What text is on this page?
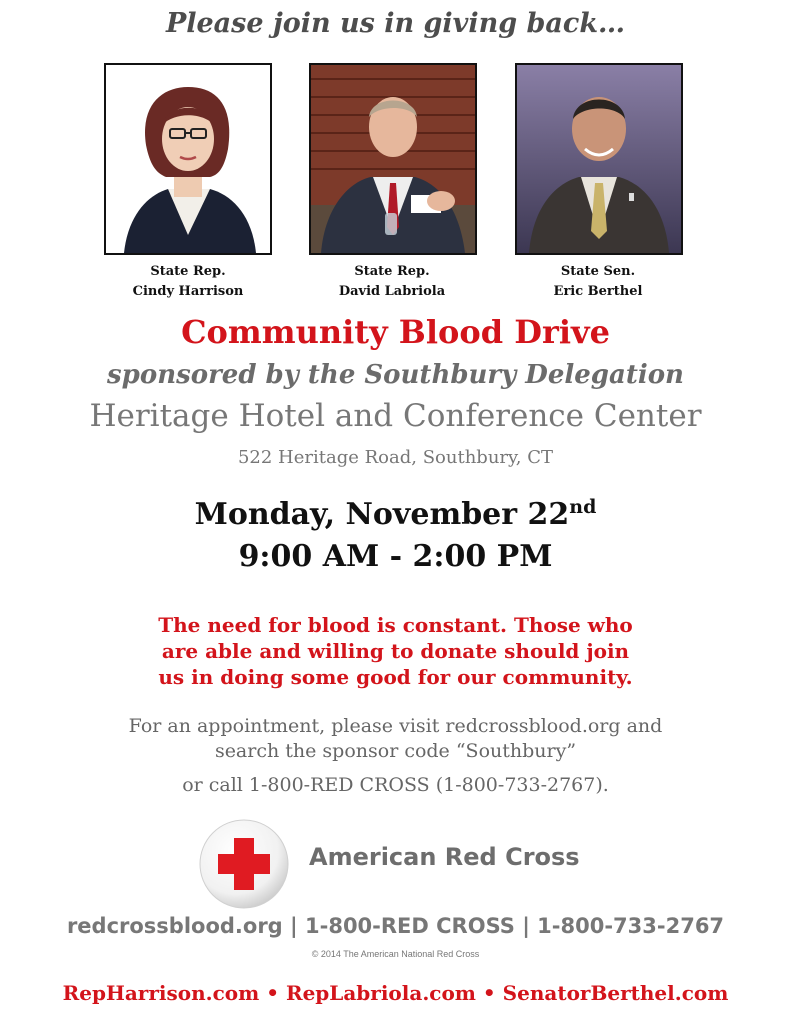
Please join us in giving back…
State Rep.
Cindy Harrison
State Rep.
David Labriola
State Sen.
Eric Berthel
Community Blood Drive
sponsored by the Southbury Delegation
Heritage Hotel and Conference Center
522 Heritage Road, Southbury, CT
Monday, November 22nd
9:00 AM - 2:00 PM
The need for blood is constant. Those who
are able and willing to donate should join
us in doing some good for our community.
For an appointment, please visit redcrossblood.org and
search the sponsor code “Southbury”
or call 1-800-RED CROSS (1-800-733-2767).
American Red Cross
redcrossblood.org | 1-800-RED CROSS | 1-800-733-2767
© 2014 The American National Red Cross
RepHarrison.com • RepLabriola.com • SenatorBerthel.com
